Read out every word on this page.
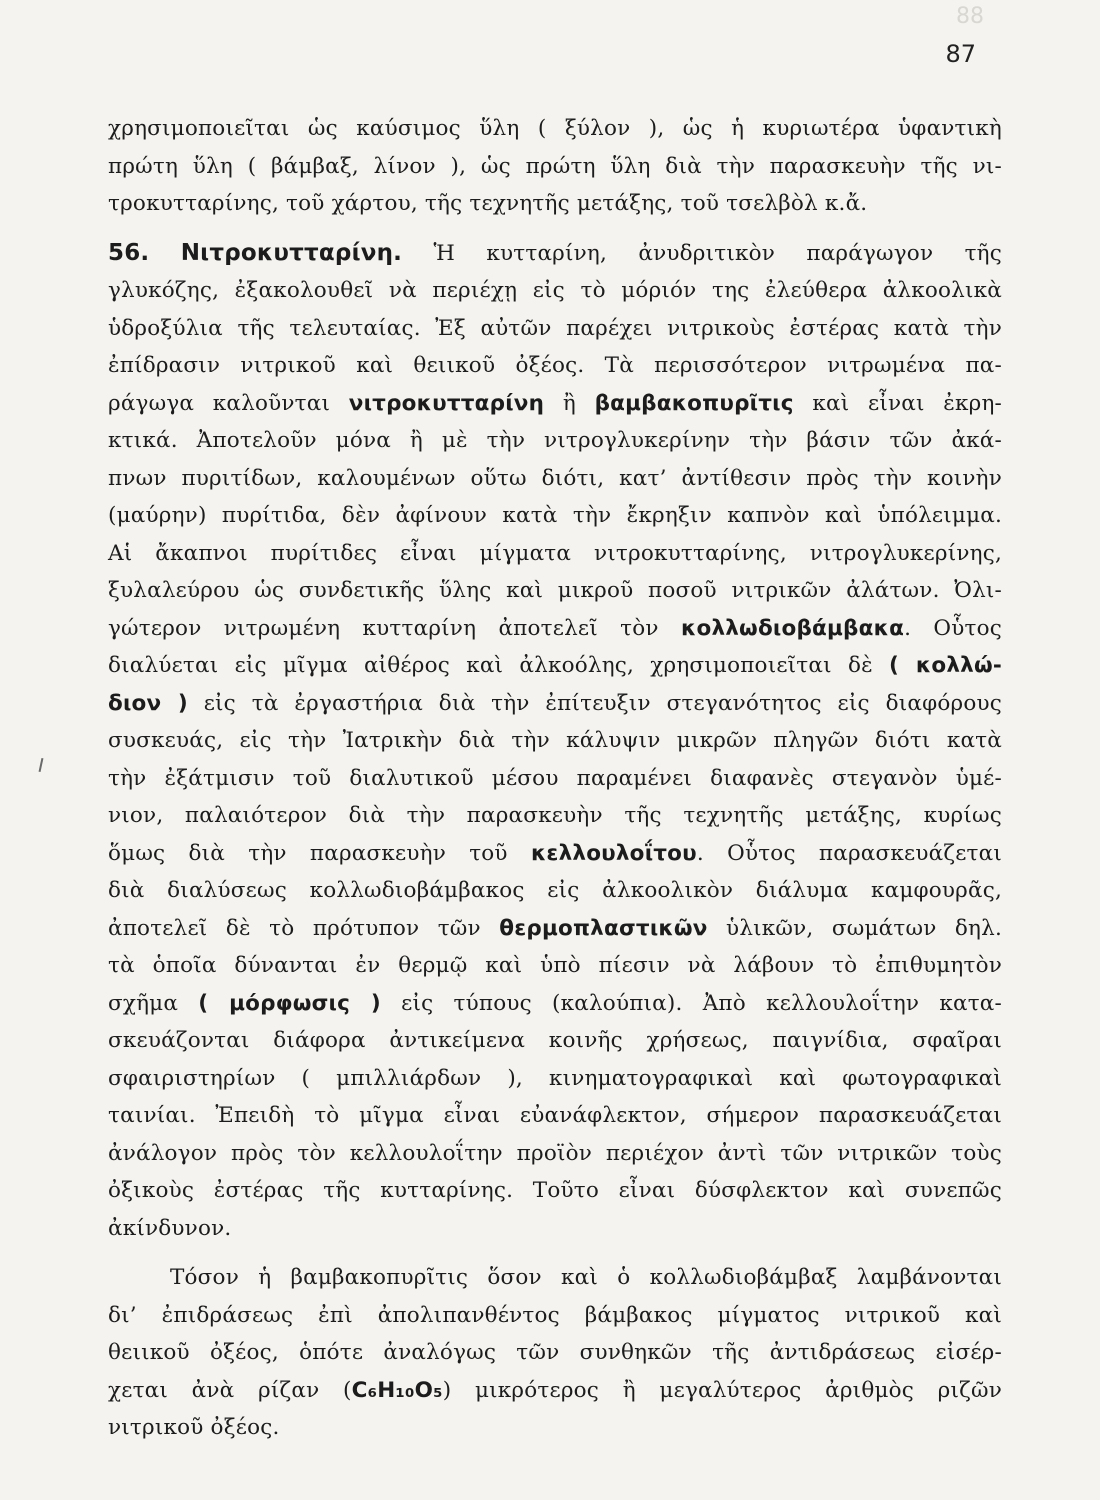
88
87
χρησιμοποιεῖται ὡς καύσιμος ὕλη ( ξύλον ), ὡς ἡ κυριωτέρα ὑφαντικὴ
πρώτη ὕλη ( βάμβαξ, λίνον ), ὡς πρώτη ὕλη διὰ τὴν παρασκευὴν τῆς νι-
τροκυτταρίνης, τοῦ χάρτου, τῆς τεχνητῆς μετάξης, τοῦ τσελβὸλ κ.ἄ.
56. Νιτροκυτταρίνη. Ἡ κυτταρίνη, ἀνυδριτικὸν παράγωγον τῆς
γλυκόζης, ἐξακολουθεῖ νὰ περιέχῃ εἰς τὸ μόριόν της ἐλεύθερα ἀλκοολικὰ
ὑδροξύλια τῆς τελευταίας. Ἐξ αὐτῶν παρέχει νιτρικοὺς ἐστέρας κατὰ τὴν
ἐπίδρασιν νιτρικοῦ καὶ θειικοῦ ὀξέος. Τὰ περισσότερον νιτρωμένα πα-
ράγωγα καλοῦνται νιτροκυτταρίνη ἢ βαμβακοπυρῖτις καὶ εἶναι ἐκρη-
κτικά. Ἀποτελοῦν μόνα ἢ μὲ τὴν νιτρογλυκερίνην τὴν βάσιν τῶν ἀκά-
πνων πυριτίδων, καλουμένων οὕτω διότι, κατ’ ἀντίθεσιν πρὸς τὴν κοινὴν
(μαύρην) πυρίτιδα, δὲν ἀφίνουν κατὰ τὴν ἔκρηξιν καπνὸν καὶ ὑπόλειμμα.
Αἱ ἄκαπνοι πυρίτιδες εἶναι μίγματα νιτροκυτταρίνης, νιτρογλυκερίνης,
ξυλαλεύρου ὡς συνδετικῆς ὕλης καὶ μικροῦ ποσοῦ νιτρικῶν ἀλάτων. Ὀλι-
γώτερον νιτρωμένη κυτταρίνη ἀποτελεῖ τὸν κολλωδιοβάμβακα. Οὗτος
διαλύεται εἰς μῖγμα αἰθέρος καὶ ἀλκοόλης, χρησιμοποιεῖται δὲ ( κολλώ-
διον ) εἰς τὰ ἐργαστήρια διὰ τὴν ἐπίτευξιν στεγανότητος εἰς διαφόρους
συσκευάς, εἰς τὴν Ἰατρικὴν διὰ τὴν κάλυψιν μικρῶν πληγῶν διότι κατὰ
τὴν ἐξάτμισιν τοῦ διαλυτικοῦ μέσου παραμένει διαφανὲς στεγανὸν ὑμέ-
νιον, παλαιότερον διὰ τὴν παρασκευὴν τῆς τεχνητῆς μετάξης, κυρίως
ὅμως διὰ τὴν παρασκευὴν τοῦ κελλουλοΐτου. Οὗτος παρασκευάζεται
διὰ διαλύσεως κολλωδιοβάμβακος εἰς ἀλκοολικὸν διάλυμα καμφουρᾶς,
ἀποτελεῖ δὲ τὸ πρότυπον τῶν θερμοπλαστικῶν ὑλικῶν, σωμάτων δηλ.
τὰ ὁποῖα δύνανται ἐν θερμῷ καὶ ὑπὸ πίεσιν νὰ λάβουν τὸ ἐπιθυμητὸν
σχῆμα ( μόρφωσις ) εἰς τύπους (καλούπια). Ἀπὸ κελλουλοΐτην κατα-
σκευάζονται διάφορα ἀντικείμενα κοινῆς χρήσεως, παιγνίδια, σφαῖραι
σφαιριστηρίων ( μπιλλιάρδων ), κινηματογραφικαὶ καὶ φωτογραφικαὶ
ταινίαι. Ἐπειδὴ τὸ μῖγμα εἶναι εὐανάφλεκτον, σήμερον παρασκευάζεται
ἀνάλογον πρὸς τὸν κελλουλοΐτην προϊὸν περιέχον ἀντὶ τῶν νιτρικῶν τοὺς
ὀξικοὺς ἐστέρας τῆς κυτταρίνης. Τοῦτο εἶναι δύσφλεκτον καὶ συνεπῶς
ἀκίνδυνον.
Τόσον ἡ βαμβακοπυρῖτις ὅσον καὶ ὁ κολλωδιοβάμβαξ λαμβάνονται
δι’ ἐπιδράσεως ἐπὶ ἀπολιπανθέντος βάμβακος μίγματος νιτρικοῦ καὶ
θειικοῦ ὀξέος, ὁπότε ἀναλόγως τῶν συνθηκῶν τῆς ἀντιδράσεως εἰσέρ-
χεται ἀνὰ ρίζαν (C₆H₁₀O₅) μικρότερος ἢ μεγαλύτερος ἀριθμὸς ριζῶν
νιτρικοῦ ὀξέος.
